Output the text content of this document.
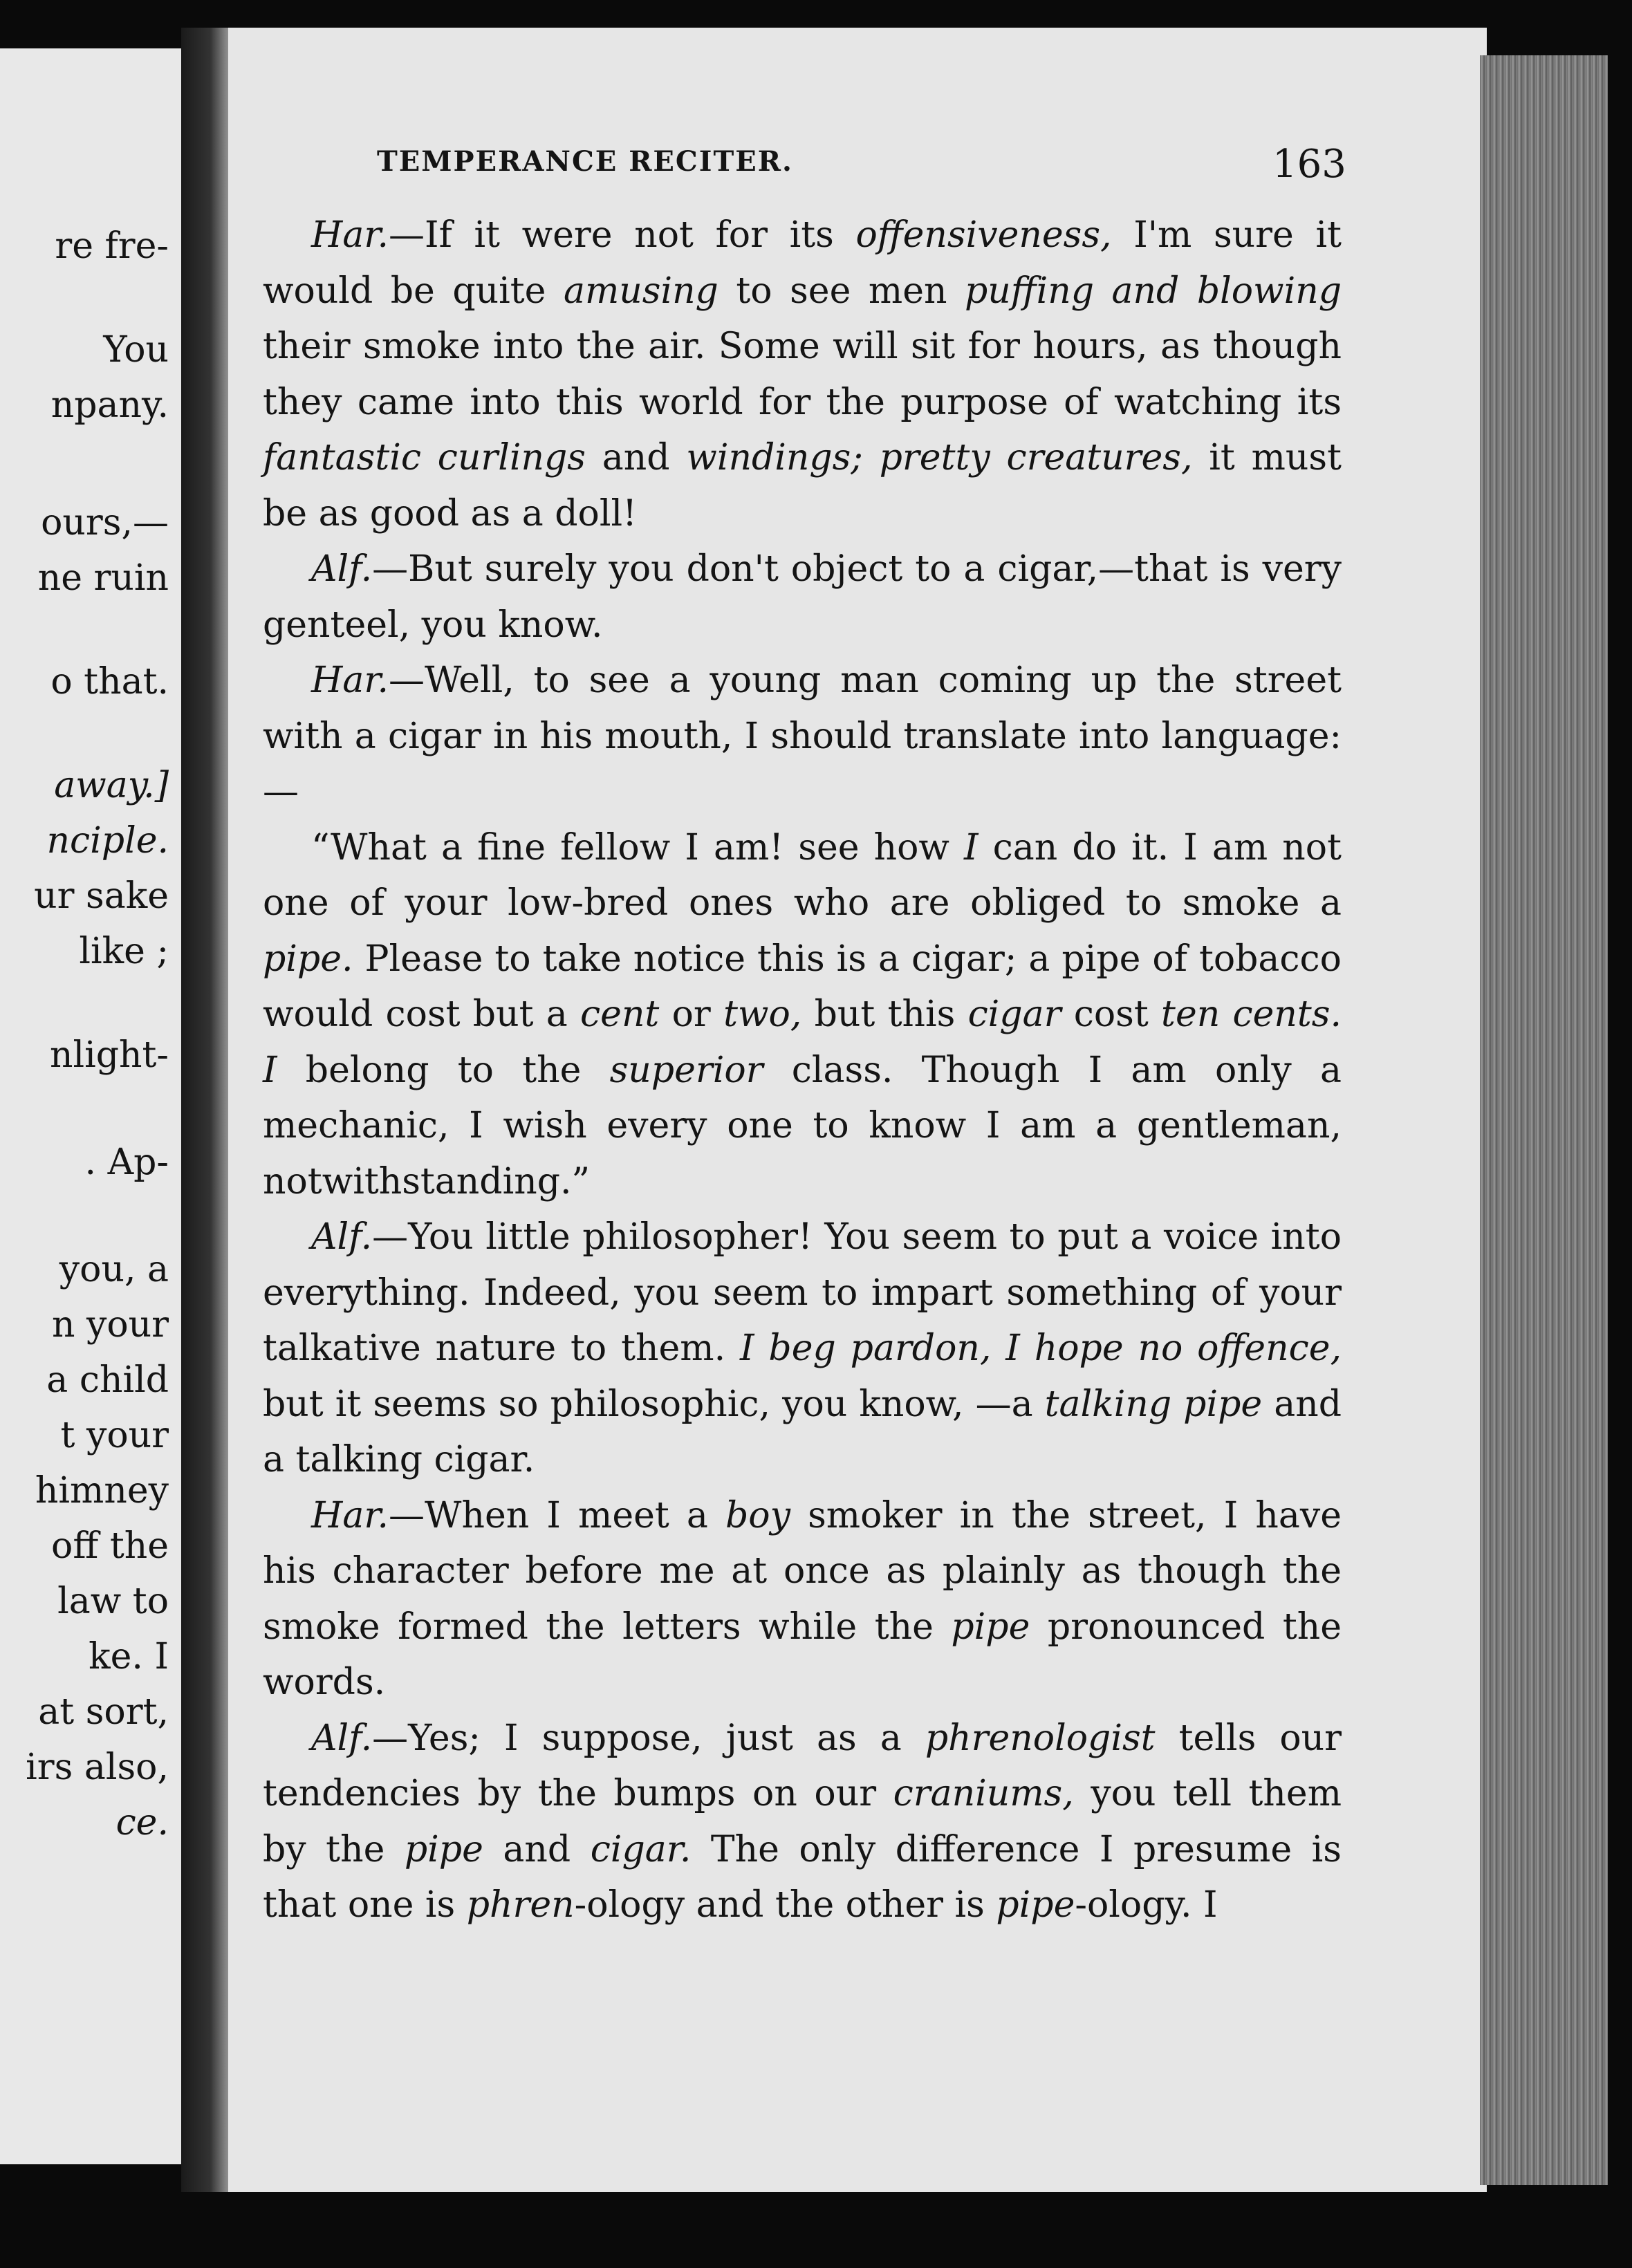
re fre-
You
npany.
ours,—
ne ruin
o that.
away.]
nciple.
ur sake
like ;
nlight-
. Ap-
you, a
n your
a child
t your
himney
off the
law to
ke. I
at sort,
irs also,
ce.
TEMPERANCE RECITER.	163

Har.—If it were not for its offensiveness, I'm sure it would be quite amusing to see men puffing and blowing their smoke into the air. Some will sit for hours, as though they came into this world for the purpose of watching its fantastic curlings and windings; pretty creatures, it must be as good as a doll!

Alf.—But surely you don't object to a cigar,—that is very genteel, you know.

Har.—Well, to see a young man coming up the street with a cigar in his mouth, I should translate into language:—

“What a fine fellow I am! see how I can do it. I am not one of your low-bred ones who are obliged to smoke a pipe. Please to take notice this is a cigar; a pipe of tobacco would cost but a cent or two, but this cigar cost ten cents. I belong to the superior class. Though I am only a mechanic, I wish every one to know I am a gentleman, notwithstanding.”

Alf.—You little philosopher! You seem to put a voice into everything. Indeed, you seem to impart something of your talkative nature to them. I beg pardon, I hope no offence, but it seems so philosophic, you know, —a talking pipe and a talking cigar.

Har.—When I meet a boy smoker in the street, I have his character before me at once as plainly as though the smoke formed the letters while the pipe pronounced the words.

Alf.—Yes; I suppose, just as a phrenologist tells our tendencies by the bumps on our craniums, you tell them by the pipe and cigar. The only difference I presume is that one is phren-ology and the other is pipe-ology. I
